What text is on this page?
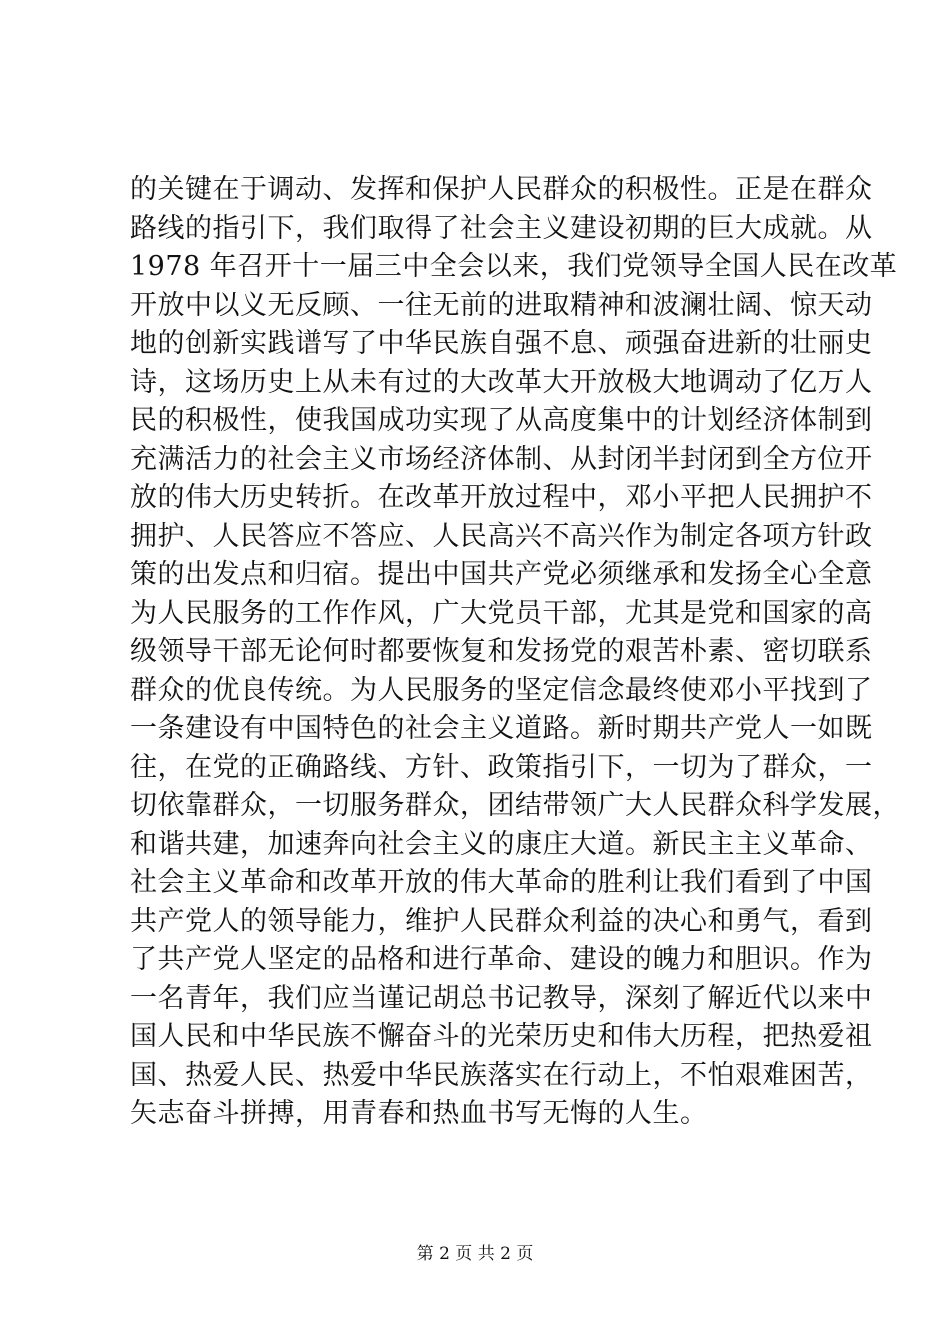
的关键在于调动、发挥和保护人民群众的积极性。正是在群众
路线的指引下，我们取得了社会主义建设初期的巨大成就。从
1978 年召开十一届三中全会以来，我们党领导全国人民在改革
开放中以义无反顾、一往无前的进取精神和波澜壮阔、惊天动
地的创新实践谱写了中华民族自强不息、顽强奋进新的壮丽史
诗，这场历史上从未有过的大改革大开放极大地调动了亿万人
民的积极性，使我国成功实现了从高度集中的计划经济体制到
充满活力的社会主义市场经济体制、从封闭半封闭到全方位开
放的伟大历史转折。在改革开放过程中，邓小平把人民拥护不
拥护、人民答应不答应、人民高兴不高兴作为制定各项方针政
策的出发点和归宿。提出中国共产党必须继承和发扬全心全意
为人民服务的工作作风，广大党员干部，尤其是党和国家的高
级领导干部无论何时都要恢复和发扬党的艰苦朴素、密切联系
群众的优良传统。为人民服务的坚定信念最终使邓小平找到了
一条建设有中国特色的社会主义道路。新时期共产党人一如既
往，在党的正确路线、方针、政策指引下，一切为了群众，一
切依靠群众，一切服务群众，团结带领广大人民群众科学发展，
和谐共建，加速奔向社会主义的康庄大道。新民主主义革命、
社会主义革命和改革开放的伟大革命的胜利让我们看到了中国
共产党人的领导能力，维护人民群众利益的决心和勇气，看到
了共产党人坚定的品格和进行革命、建设的魄力和胆识。作为
一名青年，我们应当谨记胡总书记教导，深刻了解近代以来中
国人民和中华民族不懈奋斗的光荣历史和伟大历程，把热爱祖
国、热爱人民、热爱中华民族落实在行动上，不怕艰难困苦，
矢志奋斗拼搏，用青春和热血书写无悔的人生。
第 2 页 共 2 页
